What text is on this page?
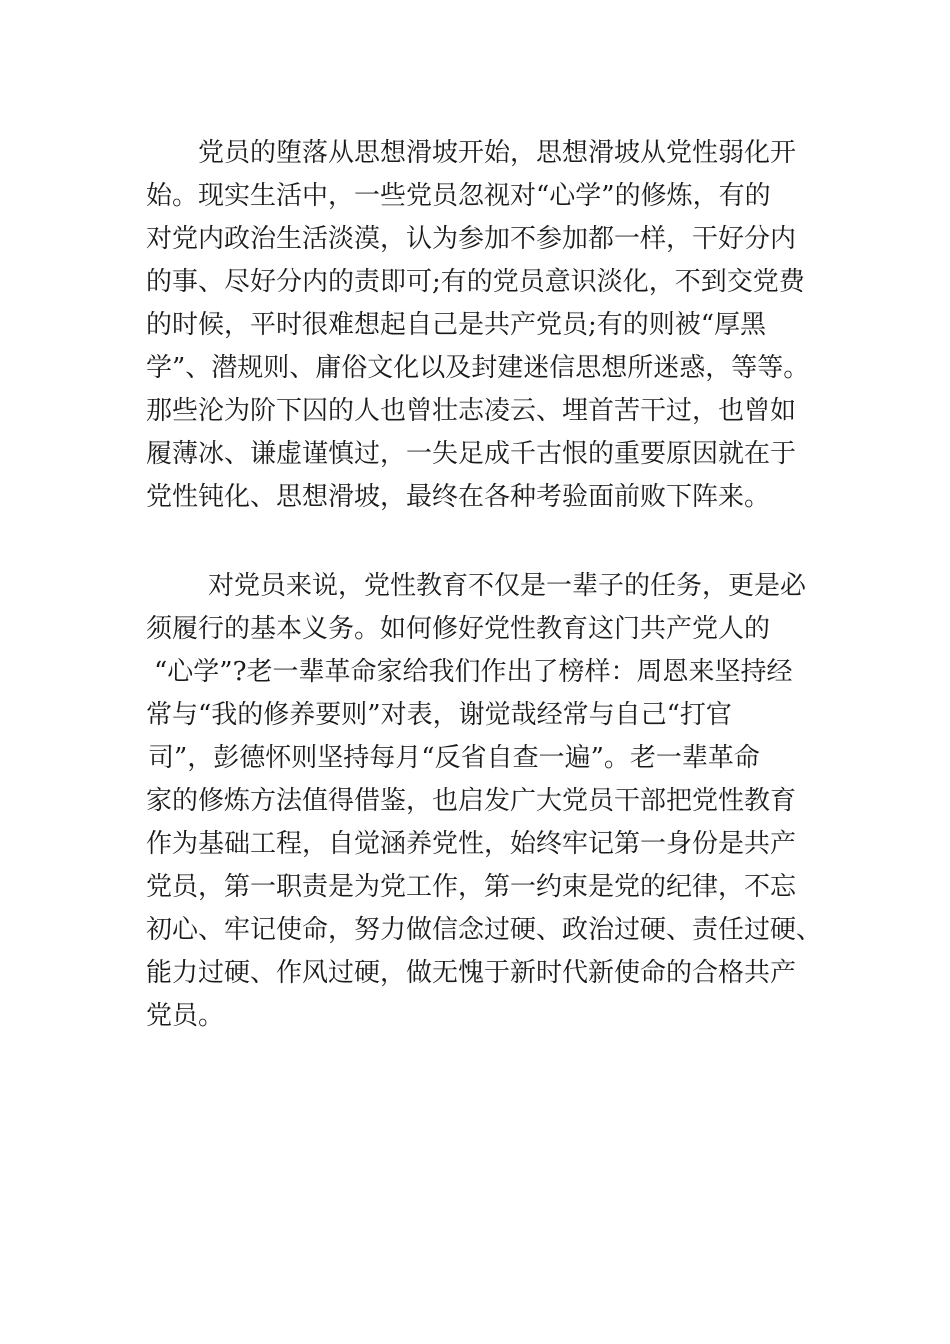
党员的堕落从思想滑坡开始，思想滑坡从党性弱化开
始。现实生活中，一些党员忽视对“心学”的修炼，有的
对党内政治生活淡漠，认为参加不参加都一样，干好分内
的事、尽好分内的责即可;有的党员意识淡化，不到交党费
的时候，平时很难想起自己是共产党员;有的则被“厚黑
学”、潜规则、庸俗文化以及封建迷信思想所迷惑，等等。
那些沦为阶下囚的人也曾壮志凌云、埋首苦干过，也曾如
履薄冰、谦虚谨慎过，一失足成千古恨的重要原因就在于
党性钝化、思想滑坡，最终在各种考验面前败下阵来。
对党员来说，党性教育不仅是一辈子的任务，更是必
须履行的基本义务。如何修好党性教育这门共产党人的
“心学”?老一辈革命家给我们作出了榜样：周恩来坚持经
常与“我的修养要则”对表，谢觉哉经常与自己“打官
司”，彭德怀则坚持每月“反省自查一遍”。老一辈革命
家的修炼方法值得借鉴，也启发广大党员干部把党性教育
作为基础工程，自觉涵养党性，始终牢记第一身份是共产
党员，第一职责是为党工作，第一约束是党的纪律，不忘
初心、牢记使命，努力做信念过硬、政治过硬、责任过硬、
能力过硬、作风过硬，做无愧于新时代新使命的合格共产
党员。
